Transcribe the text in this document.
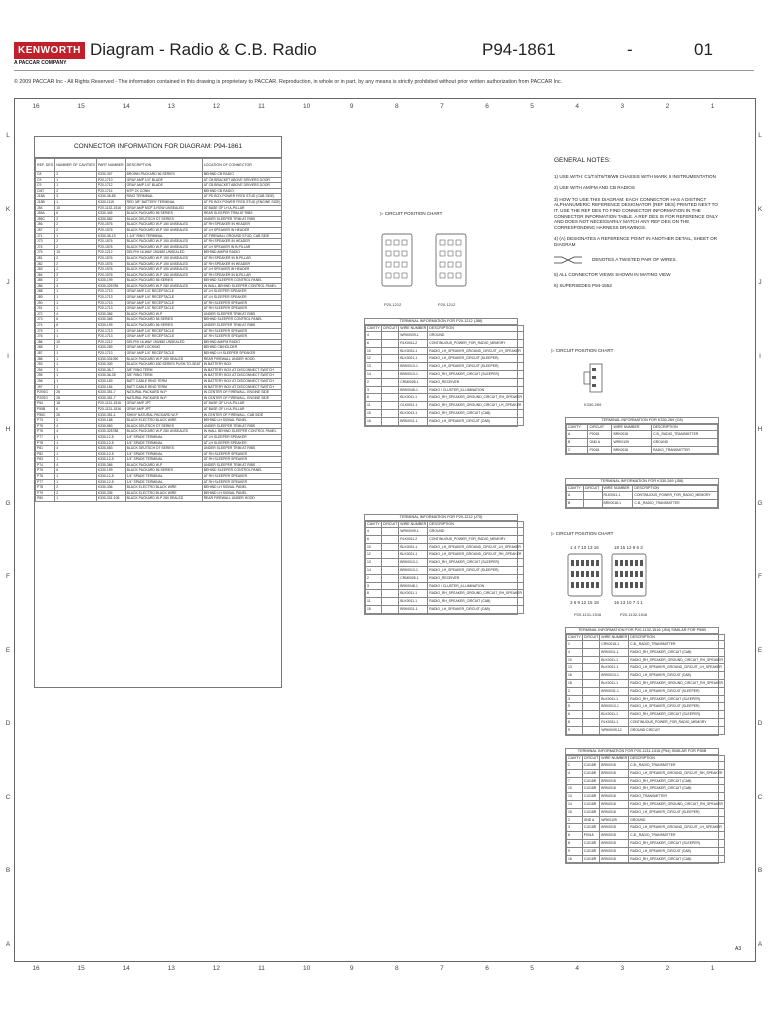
KENWORTH
A PACCAR COMPANY
Diagram - Radio & C.B. Radio	P94-1861	-	01
© 2009 PACCAR Inc - All Rights Reserved - The information contained in this drawing is proprietary to PACCAR. Reproduction, in whole or in part, by any means is strictly prohibited without prior written authorization from PACCAR Inc.
16	15	14	13	12	11	10	9	8	7	6	5	4	3	2	1
16	15	14	13	12	11	10	9	8	7	6	5	4	3	2	1
L
K
J
I
H
G
F
E
D
C
B
A
L
K
J
I
H
G
F
E
D
C
B
A
CONNECTOR INFORMATION FOR DIAGRAM: P94-1861
REF. DES	NUMBER OF CAVITIES	PART NUMBER	DESCRIPTION	LOCATION OF CONNECTOR
C8	2	K330-307	BROWN PACKARD 56 SERIES	BEHIND CB RADIO
C9	1	P20-1710	GRAY AMP 1/4" BLADE	AT CB BRACKET ABOVE DRIVERS DOOR
C9	1	P20-1712	GRAY AMP 1/4" BLADE	AT CB BRACKET ABOVE DRIVERS DOOR
CM7	2	P20-1714	MTP 2X CONN	BEHIND CB RADIO
J18A	3	K330-36-85	RING TERMINAL	AT PD BOX POWER FEED STUD (CAB SIDE)
J18B	1	K330-1115	RED 3/8" BATTERY TERMINAL	AT PD BOX POWER FEED STUD (ENGINE SIDE)
J54	10	P20-1132-1516	GRAY AMP MCP 3-ROW UNSEALED	AT BASE OF LH A-PILLAR
J55A	6	K330-345	BLACK PACKARD 56 SERIES	REAR SLEEPER TRIM AT RIBS
J55C	2	K330-582	BLACK DEUTSCH DT SERIES	UNDER SLEEPER TRIM AT RIBS
J56	2	P20-1576	BLACK PACKARD W-P 150 UNSEALED	AT RH SPEAKER IN HEADER
J57	2	P20-1576	BLACK PACKARD W-P 150 UNSEALED	AT LH SPEAKER IN HEADER
J71	1	K330-36-19	1-1/4" RING TERMINAL	AT FIREWALL GROUND STUD, CAB SIDE
J73	2	P20-1576	BLACK PACKARD W-P 150 UNSEALED	AT RH SPEAKER IN HEADER
J74	2	P20-1576	BLACK PACKARD W-P 150 UNSEALED	AT LH SPEAKER IN B-PILLAR
J75	10	P20-1212	DELPHI 16-WAY 150/480 UNSEALED	BEHIND AM/FM RADIO
J81	2	P20-1576	BLACK PACKARD W-P 150 UNSEALED	AT RH SPEAKER IN B-PILLAR
J82	2	P20-1576	BLACK PACKARD W-P 150 UNSEALED	AT RH SPEAKER IN HEADER
J83	2	P20-1576	BLACK PACKARD W-P 150 UNSEALED	AT LH SPEAKER IN HEADER
J84	2	P20-1576	BLACK PACKARD W-P 150 UNSEALED	AT RH SPEAKER IN B-PILLAR
J85	2	K330-199	BLACK PACKARD 56 SERIES	BEHIND SLEEPER CONTROL PANEL
J86	4	K330-325785	BLACK PACKARD W-P 280 UNSEALED	IN WALL BEHIND SLEEPER CONTROL PANEL
J88	1	P20-1713	GRAY AMP 1/4" RECEPTACLE	AT LH SLEEPER SPEAKER
J89	1	P20-1713	GRAY AMP 1/4" RECEPTACLE	AT LH SLEEPER SPEAKER
J90	1	P20-1713	GRAY AMP 1/4" RECEPTACLE	AT RH SLEEPER SPEAKER
J91	1	P20-1713	GRAY AMP 1/4" RECEPTACLE	AT RH SLEEPER SPEAKER
J72	4	K330-366	BLACK PACKARD W-P	UNDER SLEEPER TRIM AT RIBS
J73	6	K330-365	BLACK PACKARD 56 SERIES	BEHIND SLEEPER CONTROL PANEL
J74	6	K330-199	BLACK PACKARD 56 SERIES	UNDER SLEEPER TRIM AT RIBS
J75	1	P20-1713	GRAY AMP 1/4" RECEPTACLE	AT RH SLEEPER SPEAKER
J76	1	P20-1713	GRAY AMP 1/4" RECEPTACLE	AT RH SLEEPER SPEAKER
J86	10	P20-1212	DELPHI 16-WAY 150/480 UNSEALED	BEHIND AM/FM RADIO
J88	2	K330-269	GRAY AMP LOCKING	BEHIND CB/HOLDER
J87	1	P20-1713	GRAY AMP 1/4" RECEPTACLE	BEHIND LH SLEEPER SPEAKER
J88	1	K330-331090	BLACK PACKARD W-P 280 SEALED	REAR FIREWALL UNDER HOOD
J93	1	K330-309	BLACK PACKARD 630 SERIES PUSH-TO-SEAT	IN BATTERY BOX
J94	1	K330-36-7	3/8" RING TERM	IN BATTERY BOX AT DISCONNECT SWITCH
J95	1	K330-36-35	3/8" RING TERM	IN BATTERY BOX AT DISCONNECT SWITCH
J96	1	K330-169	BATT CABLE RING TERM	IN BATTERY BOX AT DISCONNECT SWITCH
J97	1	K330-154	BATT CABLE RING TERM	IN BATTERY BOX AT DISCONNECT SWITCH
P20SG	26	K330-351-7	NATURAL PACKARD W-P	IN CENTER OF FIREWALL, ENGINE SIDE
P20SG	28	K330-351-7	NATURAL PACKARD W-P	IN CENTER OF FIREWALL, ENGINE SIDE
P54	18	P20-1131-1516	GRAY AMP JPT	AT BASE OF LH A-PILLAR
P55B	6	P20-1131-1516	GRAY AMP JPT	AT BASE OF LH A-PILLAR
P55C	26	K330-351-1	SHINY NATURAL PACKARD W-P	IN CENTER OF FIREWALL, CAB SIDE
P73	2	K330-168	BLACK ELECTRO BLACK WIRE	BEHIND LH SIGNAL PANEL
P75	4	K330-583	BLACK DEUTSCH DT SERIES	UNDER SLEEPER TRIM AT RIBS
P76	4	K330-325788	BLACK PACKARD W-P 280 UNSEALED	IN WALL BEHIND SLEEPER CONTROL PANEL
P77	1	K330-12-5	1/4" SPADE TERMINAL	AT LH SLEEPER SPEAKER
P78	1	K330-12-5	1/4" SPADE TERMINAL	AT LH SLEEPER SPEAKER
P81	4	K330-583	BLACK DEUTSCH DT SERIES	UNDER SLEEPER TRIM AT RIBS
P82	1	K330-12-5	1/4" SPADE TERMINAL	AT RH SLEEPER SPEAKER
P83	1	K330-12-5	1/4" SPADE TERMINAL	AT RH SLEEPER SPEAKER
P74	4	K330-366	BLACK PACKARD W-P	UNDER SLEEPER TRIM AT RIBS
P75	6	K330-199	BLACK PACKARD 56 SERIES	BEHIND SLEEPER CONTROL PANEL
P76	1	K330-12-5	1/4" SPADE TERMINAL	AT RH SLEEPER SPEAKER
P77	1	K330-12-5	1/4" SPADE TERMINAL	AT RH SLEEPER SPEAKER
P78	2	K330-336	BLACK ELECTRO BLACK WIRE	BEHIND LH SIGNAL PANEL
P79	2	K330-336	BLACK ELECTRO BLACK WIRE	BEHIND LH SIGNAL PANEL
P80	1	K330-331-105	BLACK PACKARD W-P 280 SEALED	REAR FIREWALL UNDER HOOD
▷ CIRCUIT POSITION CHART
P20-1212	P20-1212
TERMINAL INFORMATION FOR P20-1212 (J86)
CAVITY	CIRCUIT	WIRE NUMBER	DESCRIPTION
4		WRK0009-1	GROUND
6		RLK0011-2	CONTINUOUS_POWER_FOR_RADIO_MEMORY
10		BLK0031-1	RADIO_LH_SPEAKER_GROUND_CIRCUIT_LH_SPEAKER
12		BLK0021-1	RADIO_LH_SPEAKER_CIRCUIT (SLEEPER)
13		BRK0013-1	RADIO_LH_SPEAKER_CIRCUIT (SLEEPER)
14		BRK0013-1	RADIO_RH_SPEAKER_CIRCUIT (SLEEPER)
2		CRM0028-1	RADIO_RECEIVER
3		BRK0048-1	RADIO / CLUSTER_ILLUMINATION
8		BLK0011-1	RADIO_RH_SPEAKER_GROUND_CIRCUIT_RH_SPEAKER
11		GLK0011-1	RADIO_RH_SPEAKER_GROUND_CIRCUIT_LH_SPEAKER
15		BLK0013-1	RADIO_RH_SPEAKER_CIRCUIT (CAB)
16		BRK0011-1	RADIO_LH_SPEAKER_CIRCUIT (CAB)
TERMINAL INFORMATION FOR P20-1212 (J75)
CAVITY	CIRCUIT	WIRE NUMBER	DESCRIPTION
4		WRK0009-1	GROUND
6		RLK0011-2	CONTINUOUS_POWER_FOR_RADIO_MEMORY
10		BLK0031-1	RADIO_LH_SPEAKER_GROUND_CIRCUIT_LH_SPEAKER
12		BLK0021-1	RADIO_LH_SPEAKER_GROUND_CIRCUIT_RH_SPEAKER
13		BRK0013-1	RADIO_RH_SPEAKER_CIRCUIT (SLEEPER)
14		BRK0013-1	RADIO_LH_SPEAKER_CIRCUIT (SLEEPER)
2		CRM0028-1	RADIO_RECEIVER
3		BRK0048-1	RADIO / CLUSTER_ILLUMINATION
8		BLK0011-1	RADIO_RH_SPEAKER_GROUND_CIRCUIT_RH_SPEAKER
11		BLK0011-1	RADIO_RH_SPEAKER_CIRCUIT (CAB)
15		BRK0011-1	RADIO_LH_SPEAKER_CIRCUIT (CAB)
▷ CIRCUIT POSITION CHART
K330-269
TERMINAL INFORMATION FOR K330-269 (C8)
CAVITY	CIRCUIT	WIRE NUMBER	DESCRIPTION
A	P0018	BRK0018	C.B._RADIO_TRANSMITTER
B	GND A	WRK0109	GROUND
C	P0018	BRK0018	RADIO_TRANSMITTER
TERMINAL INFORMATION FOR K330-269 (J58)
CAVITY	CIRCUIT	WIRE NUMBER	DESCRIPTION
A		RLK0011-1	CONTINUOUS_POWER_FOR_RADIO_MEMORY
B		BRK0018-1	C.B._RADIO_TRANSMITTER
▷ CIRCUIT POSITION CHART
1 4 7 10 13 16	18 15 12 9 6 3
3 6 9 12 15 18	16 13 10 7 4 1
P20-1131-1516	P20-1132-1516
TERMINAL INFORMATION FOR P20-1132-1516 (J54) SIMILAR FOR P55B
CAVITY	CIRCUIT	WIRE NUMBER	DESCRIPTION
1		CRK0018-1	C.B._RADIO_TRANSMITTER
4		BRK0011-1	RADIO_RH_SPEAKER_CIRCUIT (CAB)
10		BLK0011-1	RADIO_RH_SPEAKER_GROUND_CIRCUIT_RH_SPEAKER
13		BLK0021-1	RADIO_LH_SPEAKER_GROUND_CIRCUIT_LH_SPEAKER
16		BRK0013-1	RADIO_LH_SPEAKER_CIRCUIT (CAB)
18		BLK0011-1	RADIO_RH_SPEAKER_GROUND_CIRCUIT_RH_SPEAKER
2		BRK0031-1	RADIO_LH_SPEAKER_CIRCUIT (SLEEPER)
3		BLK0011-1	RADIO_RH_SPEAKER_CIRCUIT (SLEEPER)
5		BRK0013-1	RADIO_LH_SPEAKER_CIRCUIT (SLEEPER)
6		BLK0011-1	RADIO_RH_SPEAKER_CIRCUIT (SLEEPER)
8		RLK0011-1	CONTINUOUS_POWER_FOR_RADIO_MEMORY
9		WRK0009-12	GROUND CIRCUIT
TERMINAL INFORMATION FOR P20-1131-1516 (P54) SIMILAR FOR P55B
CAVITY	CIRCUIT	WIRE NUMBER	DESCRIPTION
1	C1018R	BRK0018	C.B._RADIO_TRANSMITTER
4	C1018R	BRK0018	RADIO_LH_SPEAKER_GROUND_CIRCUIT_RH_SPEAKER
7	C1018R	BRK0018	RADIO_RH_SPEAKER_CIRCUIT (CAB)
10	C1018R	BRK0018	RADIO_RH_SPEAKER_CIRCUIT (CAB)
13	C1018R	BRK0018	RADIO_TRANSMITTER
14	C1018R	BRK0018	RADIO_RH_SPEAKER_GROUND_CIRCUIT_RH_SPEAKER
15	C1018R	BRK0018	RADIO_LH_SPEAKER_CIRCUIT (SLEEPER)
2	GND A	WRK0109	GROUND
3	C1018R	BRK0018	RADIO_LH_SPEAKER_GROUND_CIRCUIT_LH_SPEAKER
6	P0018	BRK0018	C.B._RADIO_TRANSMITTER
8	C1018R	BRK0018	RADIO_RH_SPEAKER_CIRCUIT (SLEEPER)
9	C1018R	BRK0018	RADIO_LH_SPEAKER_CIRCUIT (CAB)
16	C1018R	BRK0018	RADIO_RH_SPEAKER_CIRCUIT (CAB)
GENERAL NOTES:

1) USE WITH: C1/T4/T6/T8/W9 CHASSIS WITH MARK II INSTRUMENTATION

2) USE WITH AM/FM AND CB RADIOS

3) HOW TO USE THIS DIAGRAM: EACH CONNECTOR HAS A DISTINCT ALPHANUMERIC REFERENCE DESIGNATOR (REF DES) PRINTED NEXT TO IT. USE THE REF DES TO FIND CONNECTOR INFORMATION IN THE CONNECTOR INFORMATION TABLE. A REF DES IS FOR REFERENCE ONLY AND DOES NOT NECESSARILY MATCH ANY REF DES ON THE CORRESPONDING HARNESS DRAWINGS.

4) (A) DESIGNATES A REFERENCE POINT IN ANOTHER DETAIL, SHEET OR DIAGRAM

DENOTES A TWISTED PAIR OF WIRES.

5) ALL CONNECTOR VIEWS SHOWN IN MATING VIEW

6) SUPERSEDES P94-1552

A3
